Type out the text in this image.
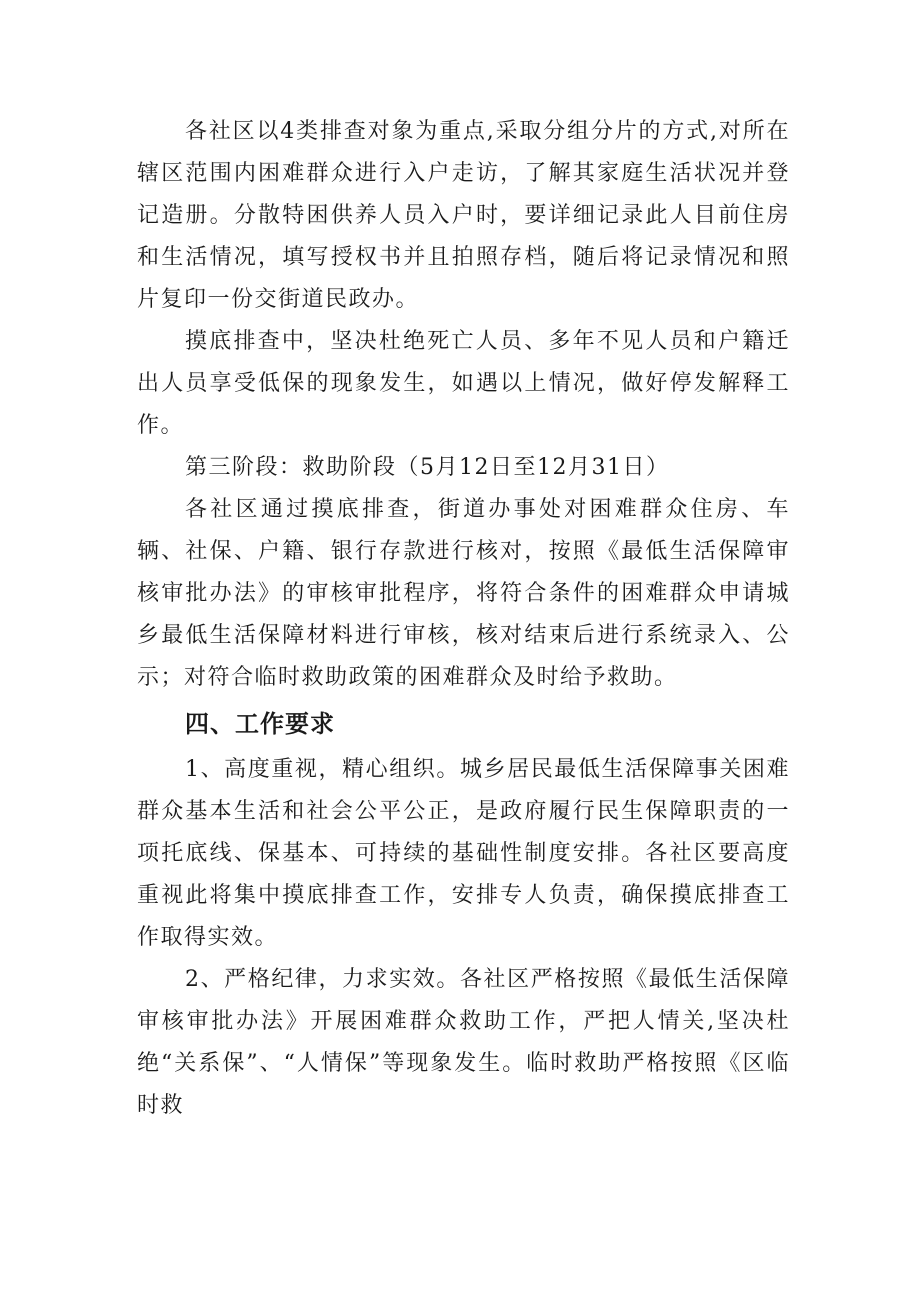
各社区以4类排查对象为重点,采取分组分片的方式,对所在辖区范围内困难群众进行入户走访，了解其家庭生活状况并登记造册。分散特困供养人员入户时，要详细记录此人目前住房和生活情况，填写授权书并且拍照存档，随后将记录情况和照片复印一份交街道民政办。

摸底排查中，坚决杜绝死亡人员、多年不见人员和户籍迁出人员享受低保的现象发生，如遇以上情况，做好停发解释工作。

第三阶段：救助阶段（5月12日至12月31日）

各社区通过摸底排查，街道办事处对困难群众住房、车辆、社保、户籍、银行存款进行核对，按照《最低生活保障审核审批办法》的审核审批程序，将符合条件的困难群众申请城乡最低生活保障材料进行审核，核对结束后进行系统录入、公示；对符合临时救助政策的困难群众及时给予救助。

四、工作要求

1、高度重视，精心组织。城乡居民最低生活保障事关困难群众基本生活和社会公平公正，是政府履行民生保障职责的一项托底线、保基本、可持续的基础性制度安排。各社区要高度重视此将集中摸底排查工作，安排专人负责，确保摸底排查工作取得实效。

2、严格纪律，力求实效。各社区严格按照《最低生活保障审核审批办法》开展困难群众救助工作，严把人情关,坚决杜绝“关系保”、“人情保”等现象发生。临时救助严格按照《区临时救
